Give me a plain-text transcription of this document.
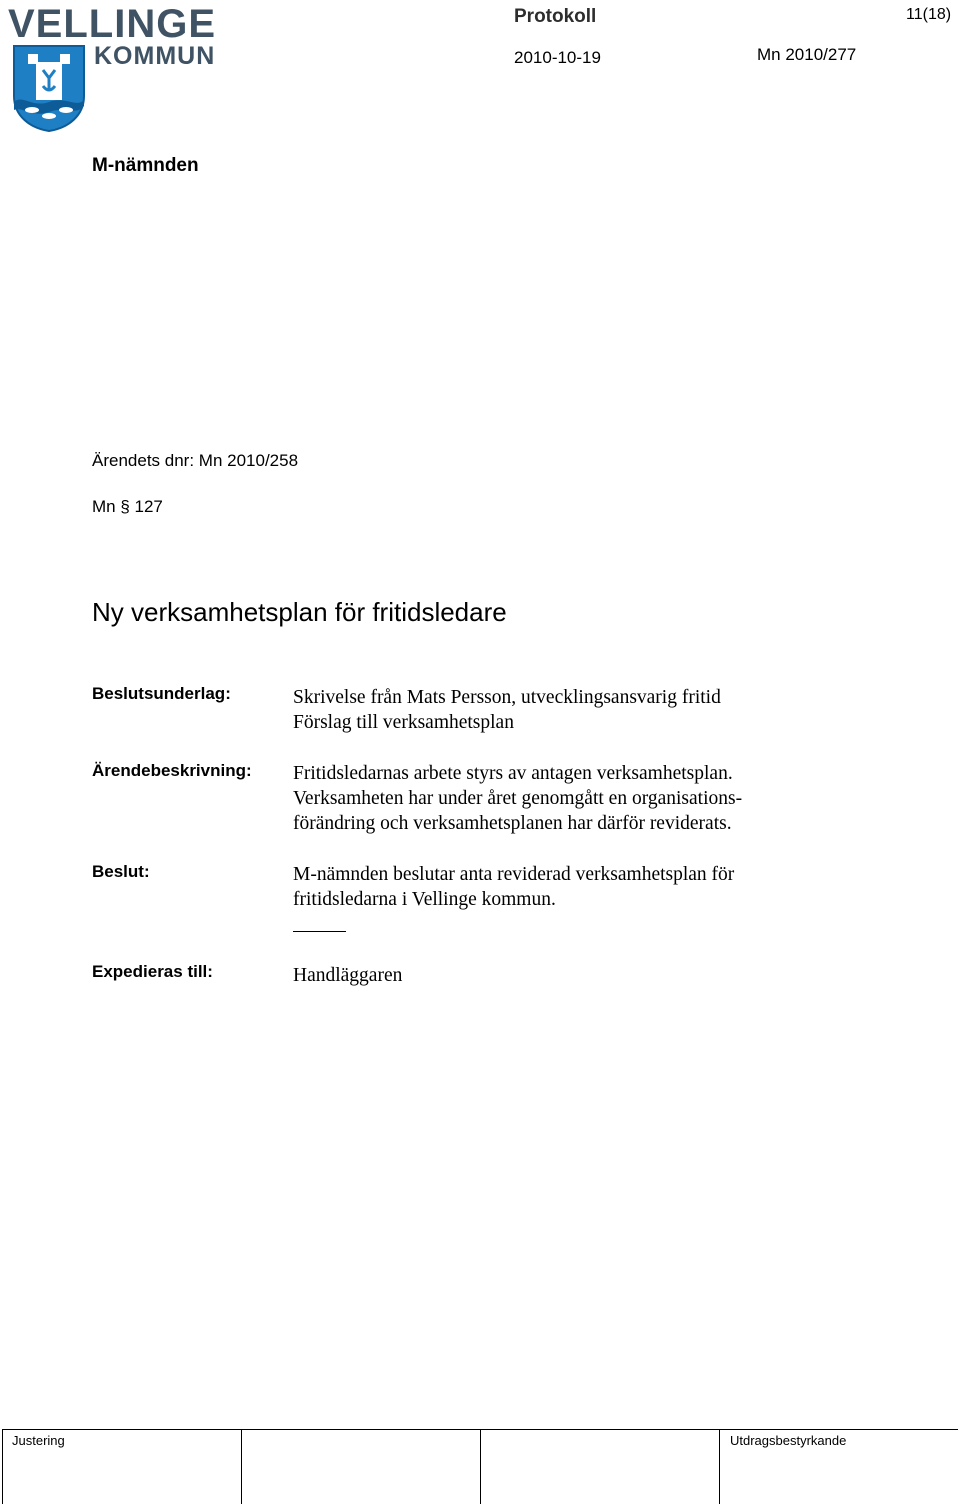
VELLINGE
KOMMUN
Protokoll	11(18)
2010-10-19	Mn 2010/277
M-nämnden
Ärendets dnr: Mn 2010/258
Mn § 127
Ny verksamhetsplan för fritidsledare
Beslutsunderlag:	Skrivelse från Mats Persson, utvecklingsansvarig fritid
Förslag till verksamhetsplan
Ärendebeskrivning: Fritidsledarnas arbete styrs av antagen verksamhetsplan.
Verksamheten har under året genomgått en organisations-
förändring och verksamhetsplanen har därför reviderats.
Beslut:	M-nämnden beslutar anta reviderad verksamhetsplan för
fritidsledarna i Vellinge kommun.
Expedieras till:	Handläggaren
Justering	Utdragsbestyrkande
